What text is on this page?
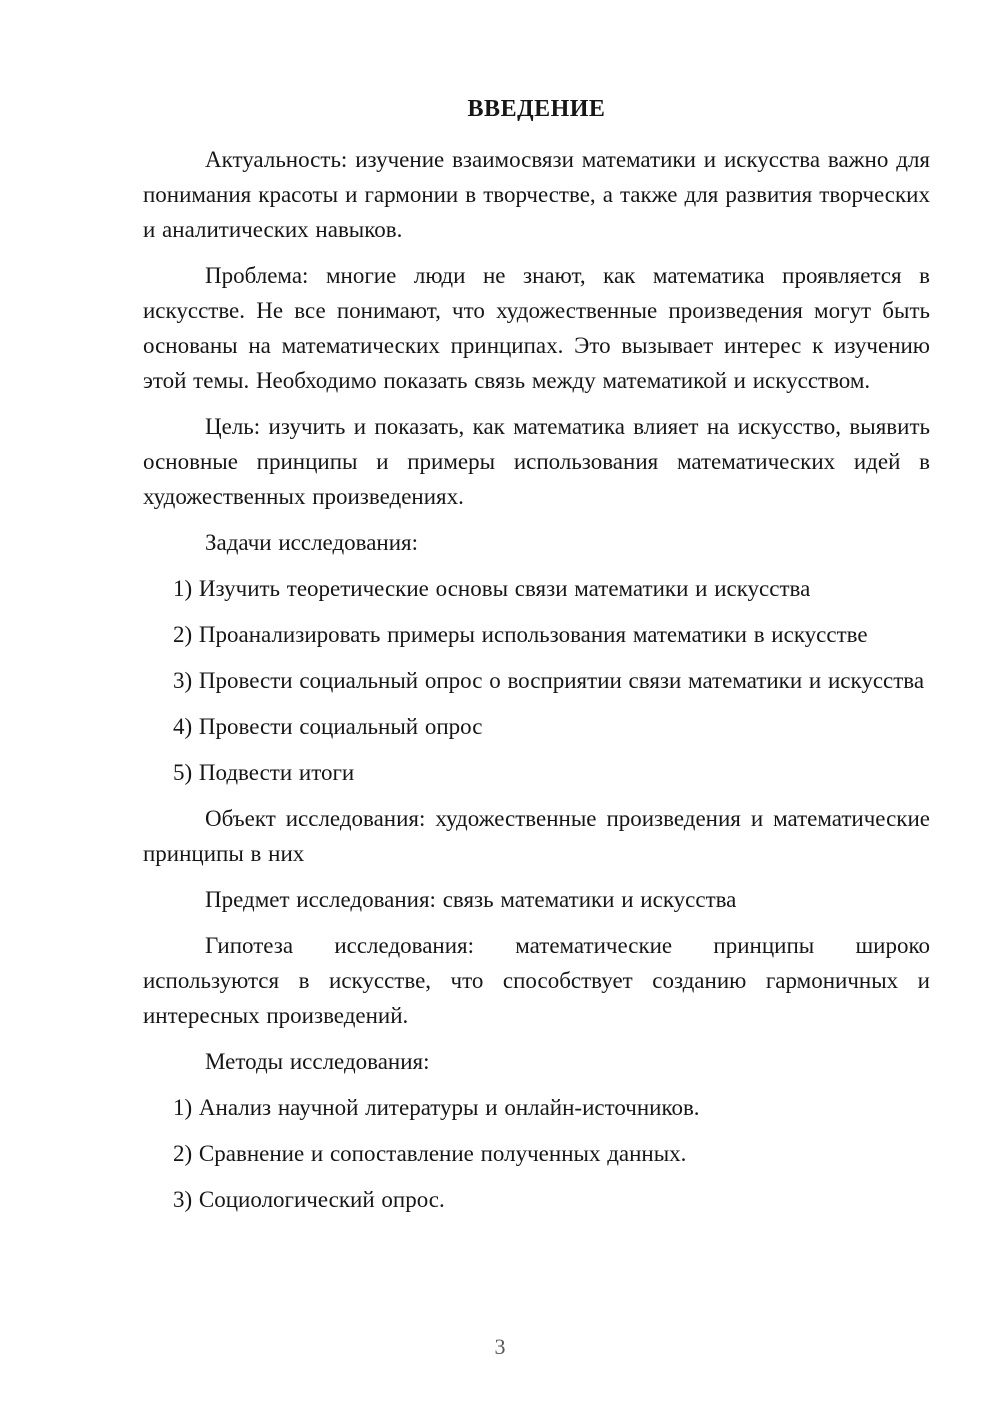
ВВЕДЕНИЕ

Актуальность: изучение взаимосвязи математики и искусства важно для понимания красоты и гармонии в творчестве, а также для развития творческих и аналитических навыков.

Проблема: многие люди не знают, как математика проявляется в искусстве. Не все понимают, что художественные произведения могут быть основаны на математических принципах. Это вызывает интерес к изучению этой темы. Необходимо показать связь между математикой и искусством.

Цель: изучить и показать, как математика влияет на искусство, выявить основные принципы и примеры использования математических идей в художественных произведениях.

Задачи исследования:

1) Изучить теоретические основы связи математики и искусства

2) Проанализировать примеры использования математики в искусстве

3) Провести социальный опрос о восприятии связи математики и искусства

4) Провести социальный опрос

5) Подвести итоги

Объект исследования: художественные произведения и математические принципы в них

Предмет исследования: связь математики и искусства

Гипотеза исследования: математические принципы широко используются в искусстве, что способствует созданию гармоничных и интересных произведений.

Методы исследования:

1) Анализ научной литературы и онлайн-источников.

2) Сравнение и сопоставление полученных данных.

3) Социологический опрос.

3
